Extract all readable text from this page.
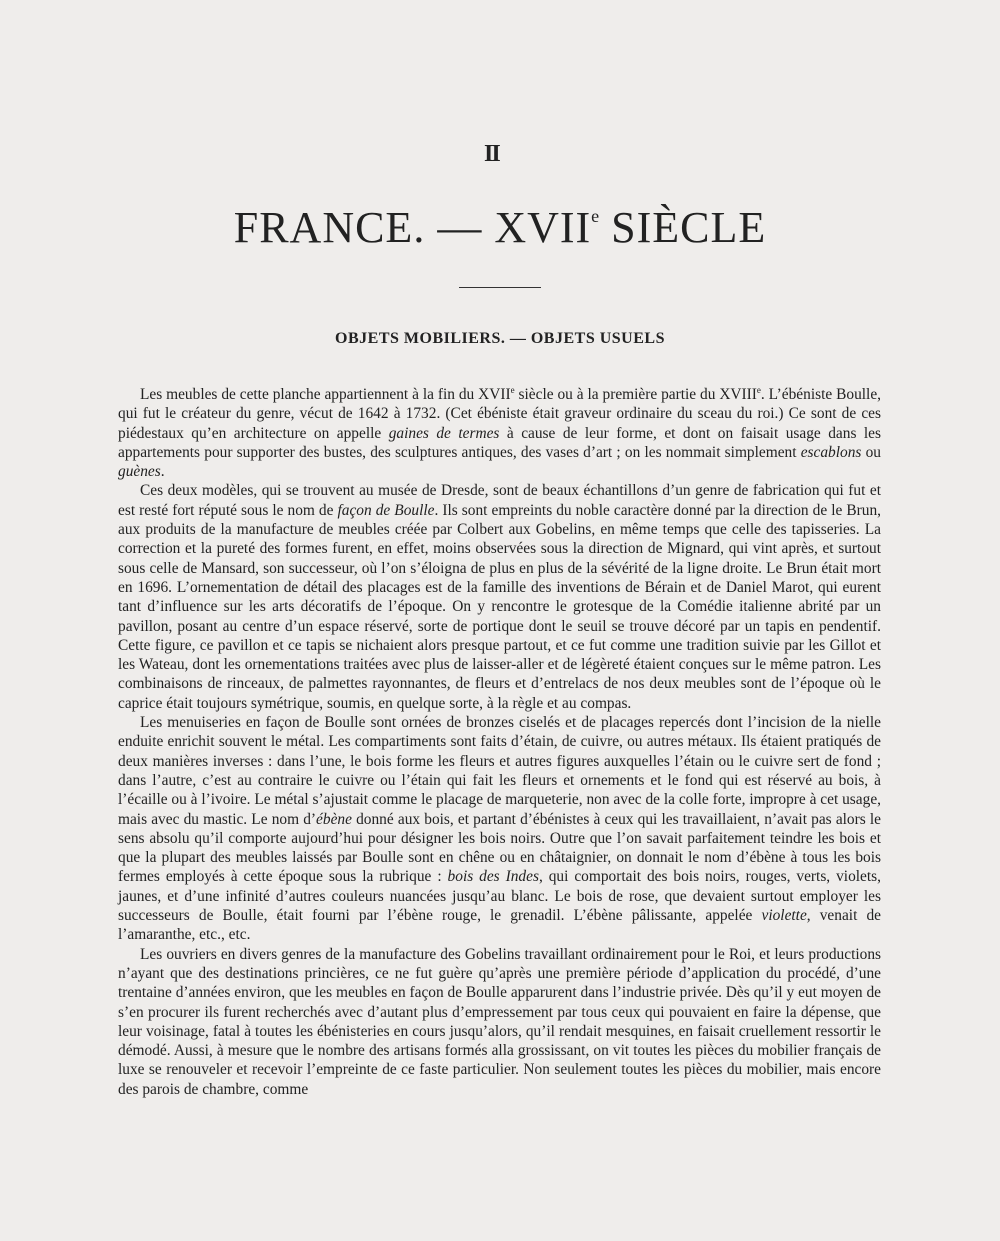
II
FRANCE. — XVIIe SIÈCLE
OBJETS MOBILIERS. — OBJETS USUELS

Les meubles de cette planche appartiennent à la fin du XVIIe siècle ou à la première partie du XVIIIe. L’ébéniste Boulle, qui fut le créateur du genre, vécut de 1642 à 1732. (Cet ébéniste était graveur ordinaire du sceau du roi.) Ce sont de ces piédestaux qu’en architecture on appelle gaines de termes à cause de leur forme, et dont on faisait usage dans les appartements pour supporter des bustes, des sculptures antiques, des vases d’art ; on les nommait simplement escablons ou guènes.

Ces deux modèles, qui se trouvent au musée de Dresde, sont de beaux échantillons d’un genre de fabrication qui fut et est resté fort réputé sous le nom de façon de Boulle. Ils sont empreints du noble caractère donné par la direction de le Brun, aux produits de la manufacture de meubles créée par Colbert aux Gobelins, en même temps que celle des tapisseries. La correction et la pureté des formes furent, en effet, moins observées sous la direction de Mignard, qui vint après, et surtout sous celle de Mansard, son successeur, où l’on s’éloigna de plus en plus de la sévérité de la ligne droite. Le Brun était mort en 1696. L’ornementation de détail des placages est de la famille des inventions de Bérain et de Daniel Marot, qui eurent tant d’influence sur les arts décoratifs de l’époque. On y rencontre le grotesque de la Comédie italienne abrité par un pavillon, posant au centre d’un espace réservé, sorte de portique dont le seuil se trouve décoré par un tapis en pendentif. Cette figure, ce pavillon et ce tapis se nichaient alors presque partout, et ce fut comme une tradition suivie par les Gillot et les Wateau, dont les ornementations traitées avec plus de laisser-aller et de légèreté étaient conçues sur le même patron. Les combinaisons de rinceaux, de palmettes rayonnantes, de fleurs et d’entrelacs de nos deux meubles sont de l’époque où le caprice était toujours symétrique, soumis, en quelque sorte, à la règle et au compas.

Les menuiseries en façon de Boulle sont ornées de bronzes ciselés et de placages repercés dont l’incision de la nielle enduite enrichit souvent le métal. Les compartiments sont faits d’étain, de cuivre, ou autres métaux. Ils étaient pratiqués de deux manières inverses : dans l’une, le bois forme les fleurs et autres figures auxquelles l’étain ou le cuivre sert de fond ; dans l’autre, c’est au contraire le cuivre ou l’étain qui fait les fleurs et ornements et le fond qui est réservé au bois, à l’écaille ou à l’ivoire. Le métal s’ajustait comme le placage de marqueterie, non avec de la colle forte, impropre à cet usage, mais avec du mastic. Le nom d’ébène donné aux bois, et partant d’ébénistes à ceux qui les travaillaient, n’avait pas alors le sens absolu qu’il comporte aujourd’hui pour désigner les bois noirs. Outre que l’on savait parfaitement teindre les bois et que la plupart des meubles laissés par Boulle sont en chêne ou en châtaignier, on donnait le nom d’ébène à tous les bois fermes employés à cette époque sous la rubrique : bois des Indes, qui comportait des bois noirs, rouges, verts, violets, jaunes, et d’une infinité d’autres couleurs nuancées jusqu’au blanc. Le bois de rose, que devaient surtout employer les successeurs de Boulle, était fourni par l’ébène rouge, le grenadil. L’ébène pâlissante, appelée violette, venait de l’amaranthe, etc., etc.

Les ouvriers en divers genres de la manufacture des Gobelins travaillant ordinairement pour le Roi, et leurs productions n’ayant que des destinations princières, ce ne fut guère qu’après une première période d’application du procédé, d’une trentaine d’années environ, que les meubles en façon de Boulle apparurent dans l’industrie privée. Dès qu’il y eut moyen de s’en procurer ils furent recherchés avec d’autant plus d’empressement par tous ceux qui pouvaient en faire la dépense, que leur voisinage, fatal à toutes les ébénisteries en cours jusqu’alors, qu’il rendait mesquines, en faisait cruellement ressortir le démodé. Aussi, à mesure que le nombre des artisans formés alla grossissant, on vit toutes les pièces du mobilier français de luxe se renouveler et recevoir l’empreinte de ce faste particulier. Non seulement toutes les pièces du mobilier, mais encore des parois de chambre, comme
